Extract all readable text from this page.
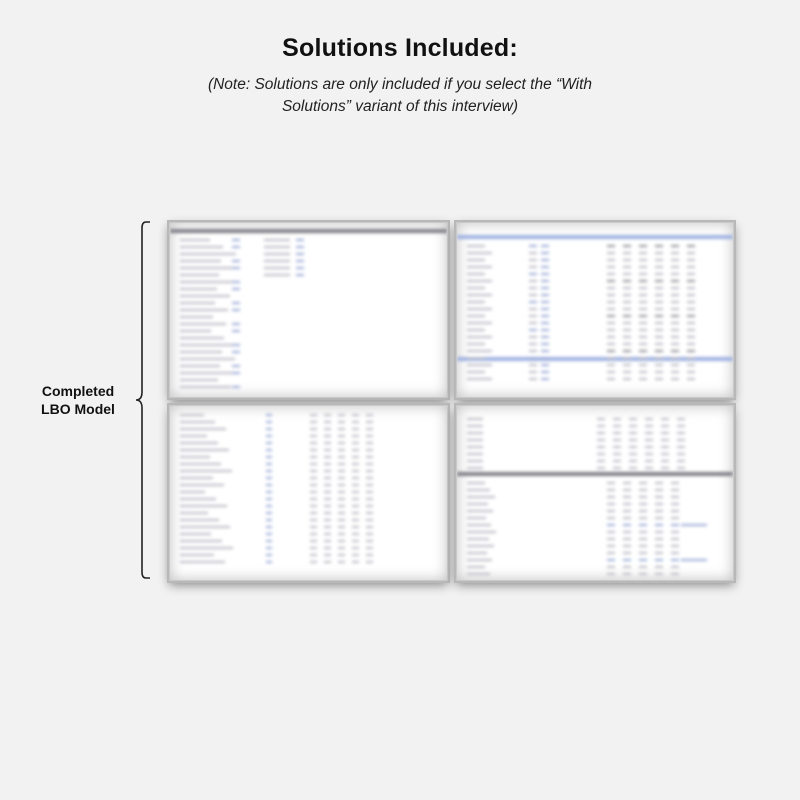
Solutions Included:
(Note: Solutions are only included if you select the “With
Solutions” variant of this interview)
Completed
LBO Model
